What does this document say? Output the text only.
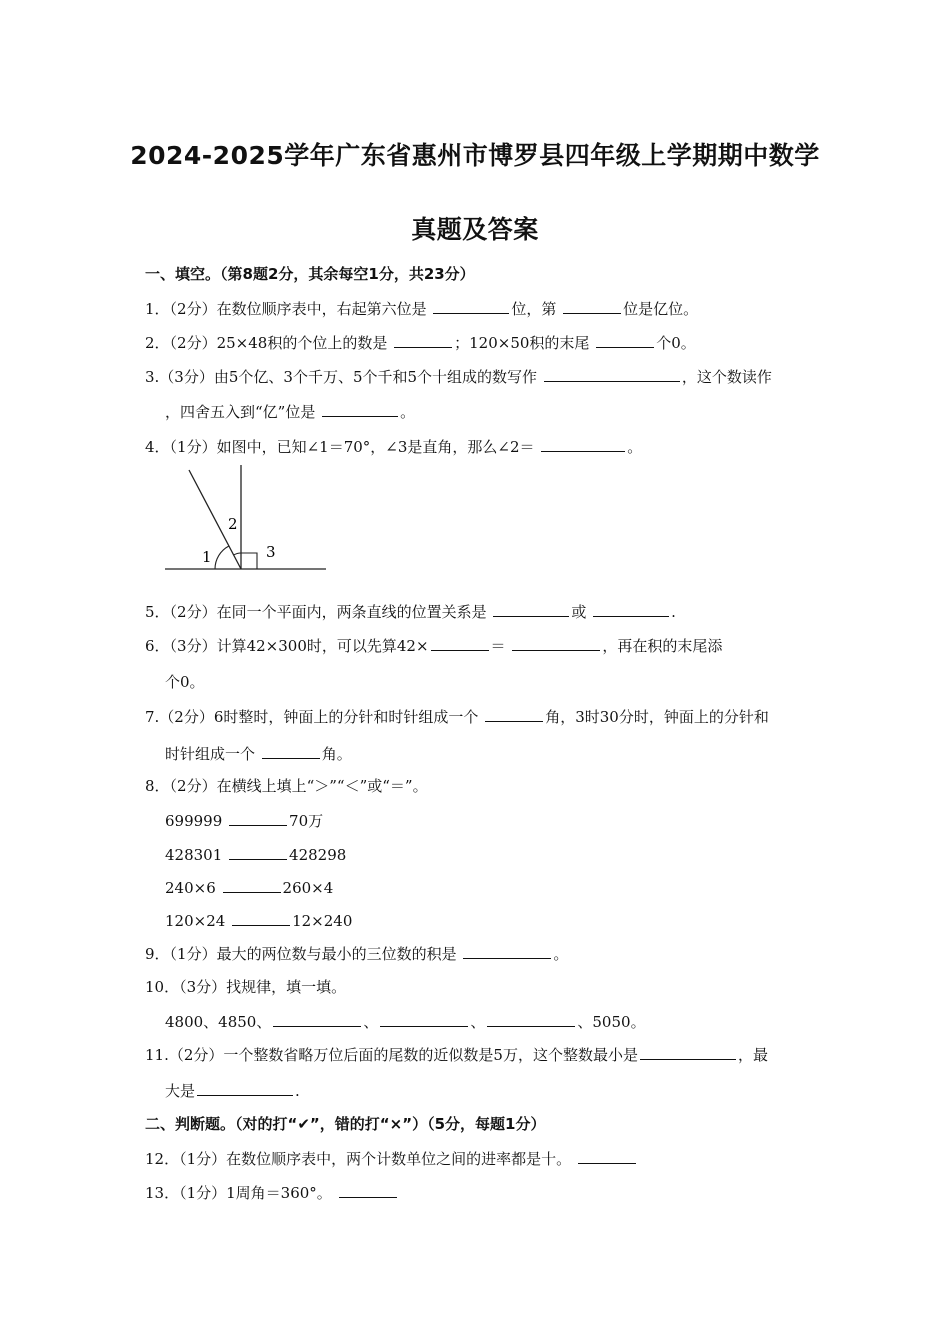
2024-2025学年广东省惠州市博罗县四年级上学期期中数学
真题及答案
一、填空。（第8题2分，其余每空1分，共23分）
1．（2分）在数位顺序表中，右起第六位是	位，第	位是亿位。
2．（2分）25×48积的个位上的数是	；120×50积的末尾	个0。
3.（3分）由5个亿、3个千万、5个千和5个十组成的数写作	，这个数读作
，四舍五入到“亿”位是	。
4．（1分）如图中，已知∠1＝70°，∠3是直角，那么∠2＝	。
1
2
3
5．（2分）在同一个平面内，两条直线的位置关系是	或	.
6．（3分）计算42×300时，可以先算42×	＝	，再在积的末尾添
个0。
7.（2分）6时整时，钟面上的分针和时针组成一个	角，3时30分时，钟面上的分针和
时针组成一个	角。
8．（2分）在横线上填上“＞”“＜”或“＝”。
699999	70万
428301	428298
240×6	260×4
120×24	12×240
9．（1分）最大的两位数与最小的三位数的积是	。
10．（3分）找规律，填一填。
4800、4850、	、	、	、5050。
11.（2分）一个整数省略万位后面的尾数的近似数是5万，这个整数最小是	，最
大是	.
二、判断题。（对的打“✔”，错的打“×”）（5分，每题1分）
12．（1分）在数位顺序表中，两个计数单位之间的进率都是十。
13．（1分）1周角＝360°。
